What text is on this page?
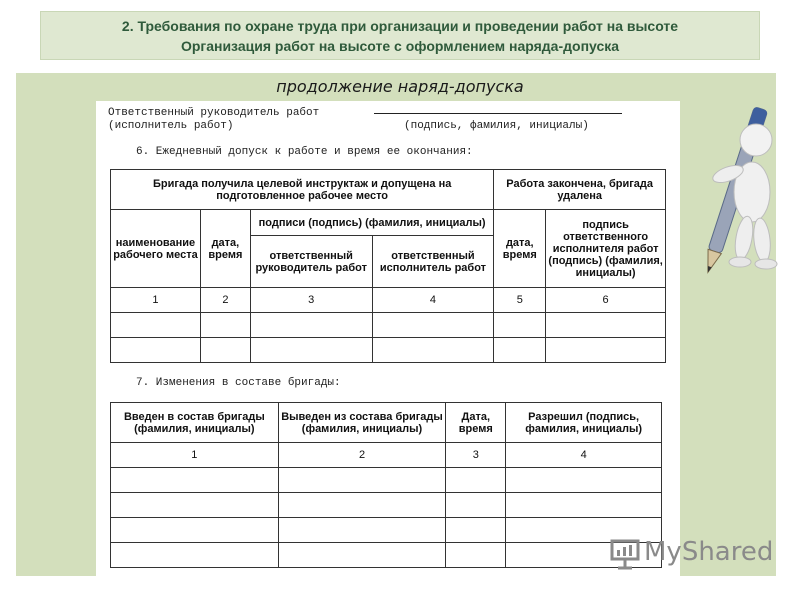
2. Требования по охране труда при организации и проведении работ на высоте
Организация работ на высоте с оформлением наряда-допуска
продолжение наряд-допуска
Ответственный руководитель работ
(исполнитель работ)	(подпись, фамилия, инициалы)
6. Ежедневный допуск к работе и время ее окончания:
Бригада получила целевой инструктаж и допущена на подготовленное рабочее место				Работа закончена, бригада удалена	
наименование рабочего места	дата, время	подписи (подпись) (фамилия, инициалы)		дата, время	подпись ответственного исполнителя работ (подпись) (фамилия, инициалы)
		ответственный руководитель работ	ответственный исполнитель работ		
1	2	3	4	5	6

7. Изменения в составе бригады:
Введен в состав бригады (фамилия, инициалы)	Выведен из состава бригады (фамилия, инициалы)	Дата, время	Разрешил (подпись, фамилия, инициалы)
1	2	3	4

MyShared
